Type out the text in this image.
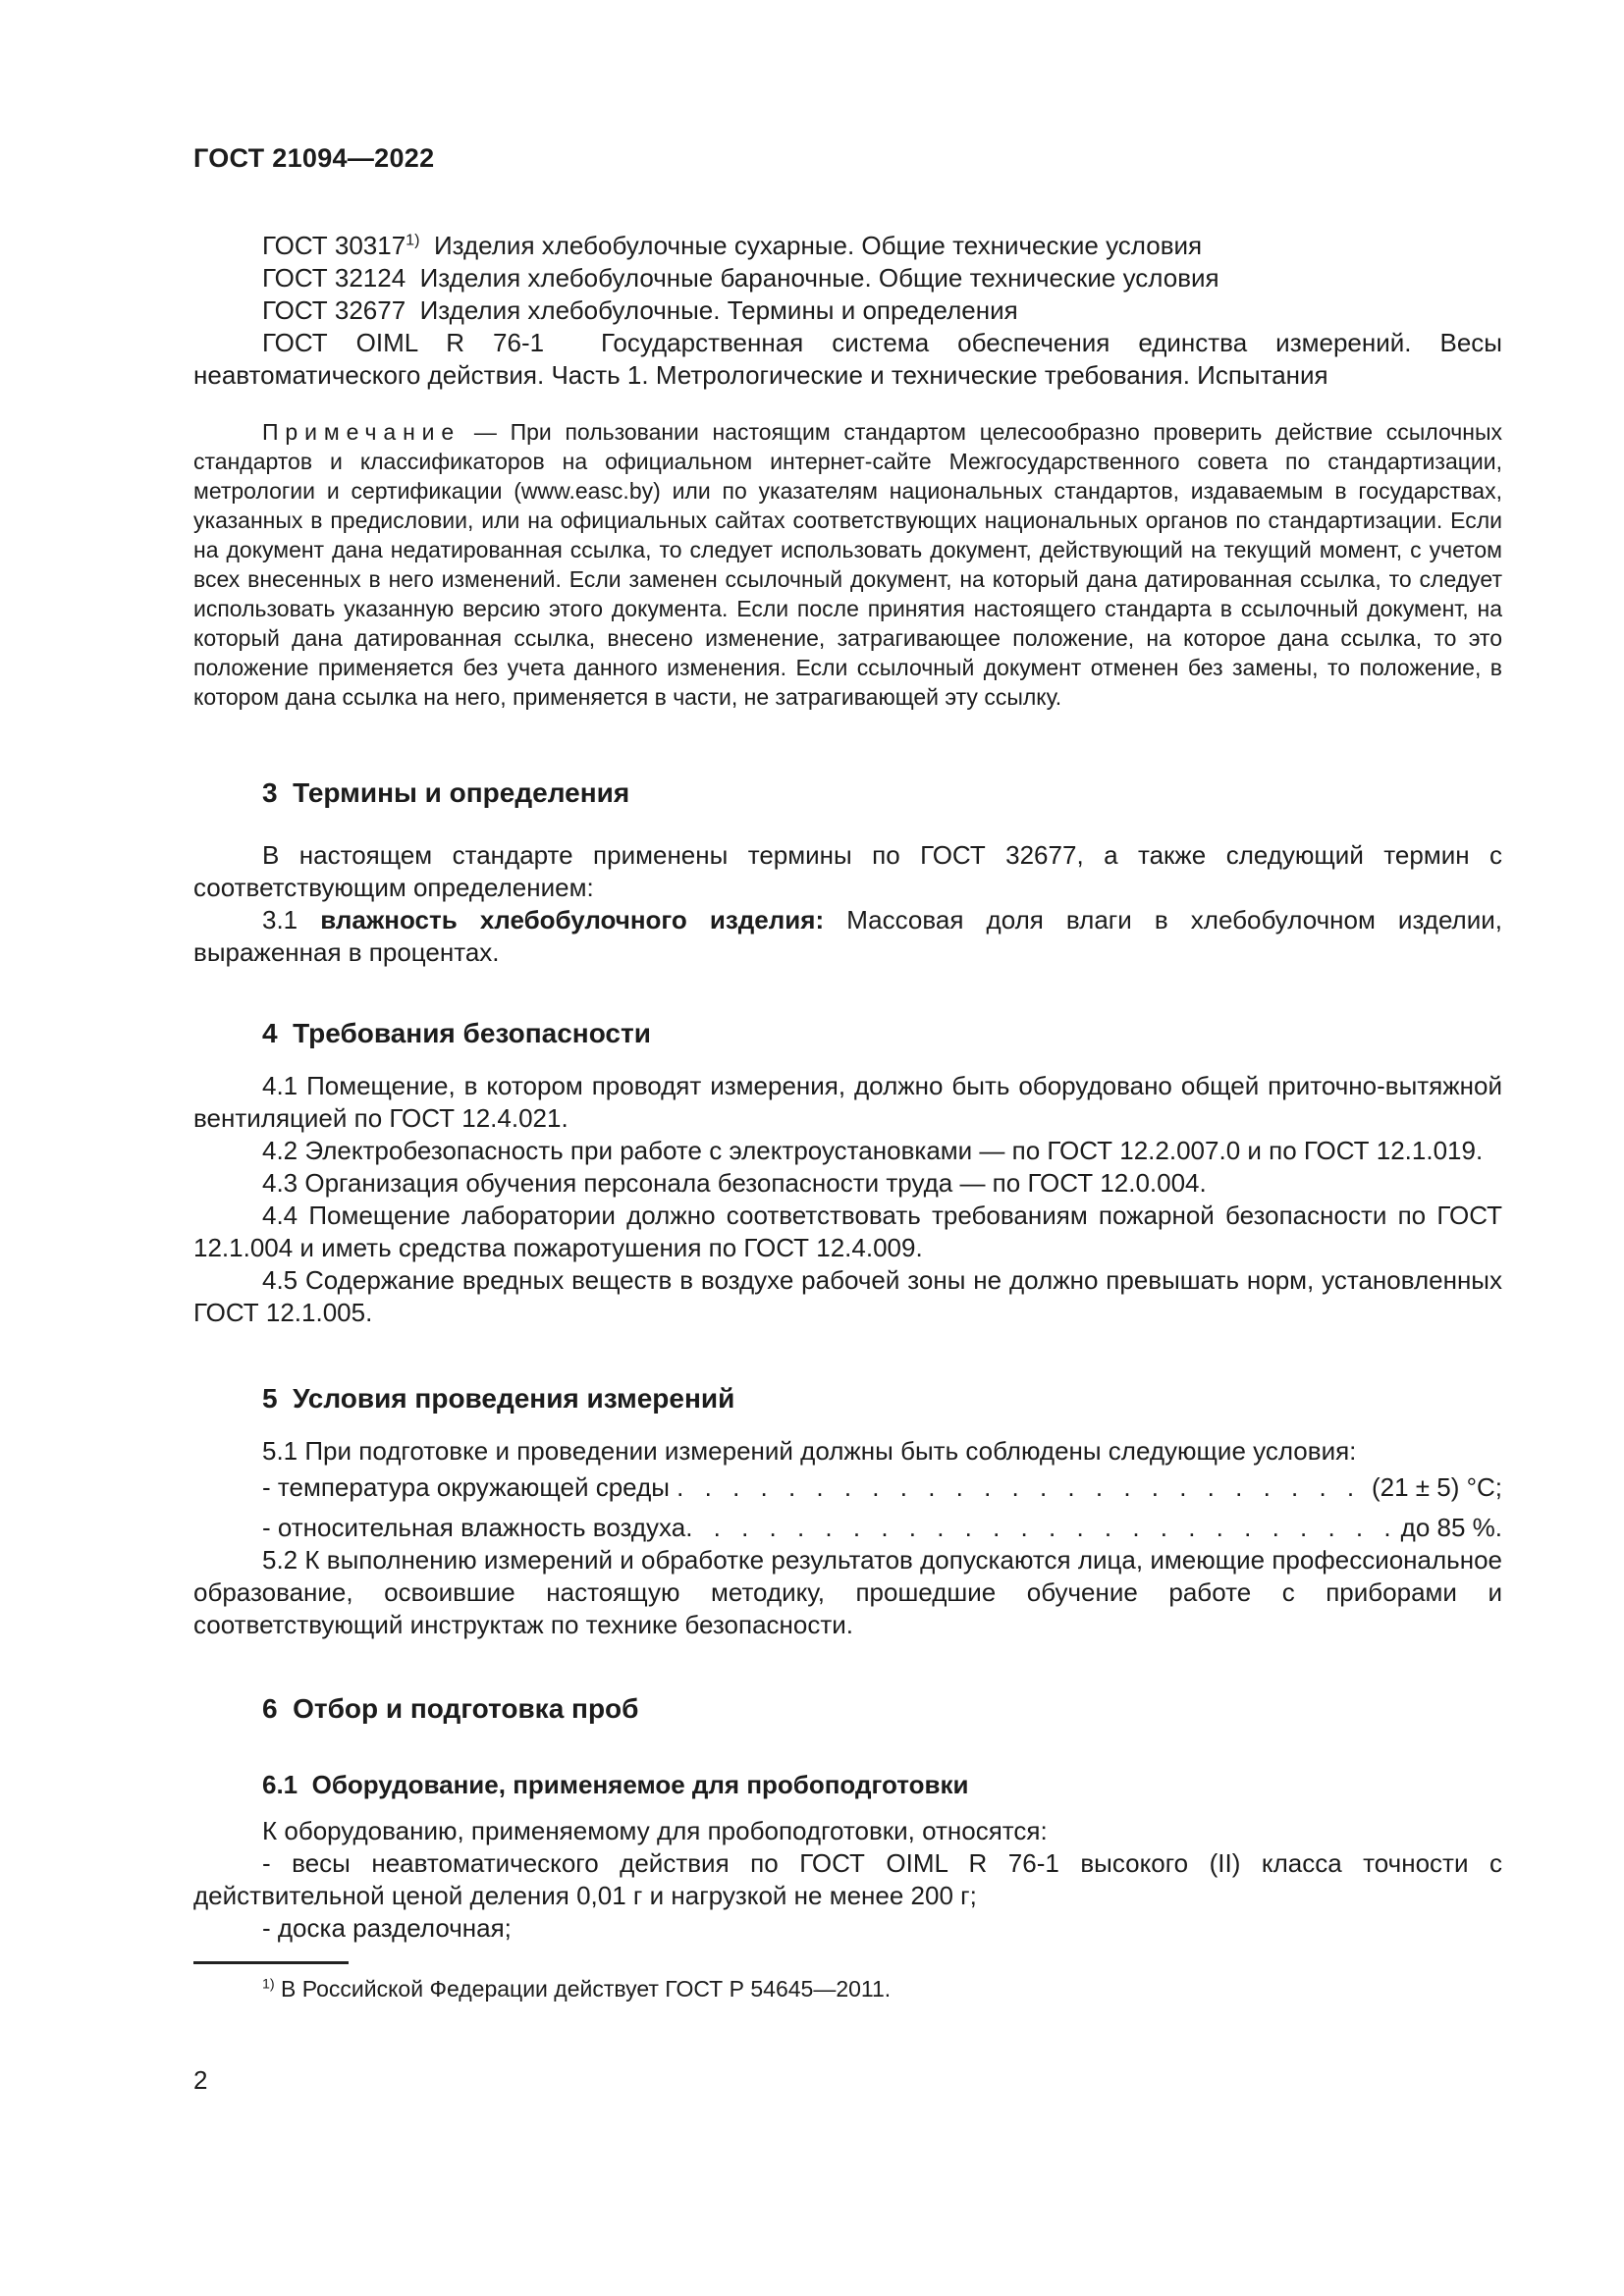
ГОСТ 21094—2022

ГОСТ 30317$^{1)}$  Изделия хлебобулочные сухарные. Общие технические условия

ГОСТ 32124  Изделия хлебобулочные бараночные. Общие технические условия

ГОСТ 32677  Изделия хлебобулочные. Термины и определения

ГОСТ OIML R 76-1  Государственная система обеспечения единства измерений. Весы неавтоматического действия. Часть 1. Метрологические и технические требования. Испытания

Примечание — При пользовании настоящим стандартом целесообразно проверить действие ссылочных стандартов и классификаторов на официальном интернет-сайте Межгосударственного совета по стандартизации, метрологии и сертификации (www.easc.by) или по указателям национальных стандартов, издаваемым в государствах, указанных в предисловии, или на официальных сайтах соответствующих национальных органов по стандартизации. Если на документ дана недатированная ссылка, то следует использовать документ, действующий на текущий момент, с учетом всех внесенных в него изменений. Если заменен ссылочный документ, на который дана датированная ссылка, то следует использовать указанную версию этого документа. Если после принятия настоящего стандарта в ссылочный документ, на который дана датированная ссылка, внесено изменение, затрагивающее положение, на которое дана ссылка, то это положение применяется без учета данного изменения. Если ссылочный документ отменен без замены, то положение, в котором дана ссылка на него, применяется в части, не затрагивающей эту ссылку.

3  Термины и определения

В настоящем стандарте применены термины по ГОСТ 32677, а также следующий термин с соответствующим определением:

3.1 влажность хлебобулочного изделия: Массовая доля влаги в хлебобулочном изделии, выраженная в процентах.

4  Требования безопасности

4.1 Помещение, в котором проводят измерения, должно быть оборудовано общей приточно-вытяжной вентиляцией по ГОСТ 12.4.021.

4.2 Электробезопасность при работе с электроустановками — по ГОСТ 12.2.007.0 и по ГОСТ 12.1.019.

4.3 Организация обучения персонала безопасности труда — по ГОСТ 12.0.004.

4.4 Помещение лаборатории должно соответствовать требованиям пожарной безопасности по ГОСТ 12.1.004 и иметь средства пожаротушения по ГОСТ 12.4.009.

4.5 Содержание вредных веществ в воздухе рабочей зоны не должно превышать норм, установленных ГОСТ 12.1.005.

5  Условия проведения измерений

5.1 При подготовке и проведении измерений должны быть соблюдены следующие условия:

- температура окружающей среды . . .	(21 ± 5) °C;
- относительная влажность воздуха . . .	до 85 %.

5.2 К выполнению измерений и обработке результатов допускаются лица, имеющие профессиональное образование, освоившие настоящую методику, прошедшие обучение работе с приборами и соответствующий инструктаж по технике безопасности.

6  Отбор и подготовка проб
6.1  Оборудование, применяемое для пробоподготовки

К оборудованию, применяемому для пробоподготовки, относятся:

- весы неавтоматического действия по ГОСТ OIML R 76-1 высокого (II) класса точности с действительной ценой деления 0,01 г и нагрузкой не менее 200 г;

- доска разделочная;

$^{1)}$ В Российской Федерации действует ГОСТ Р 54645—2011.

2
